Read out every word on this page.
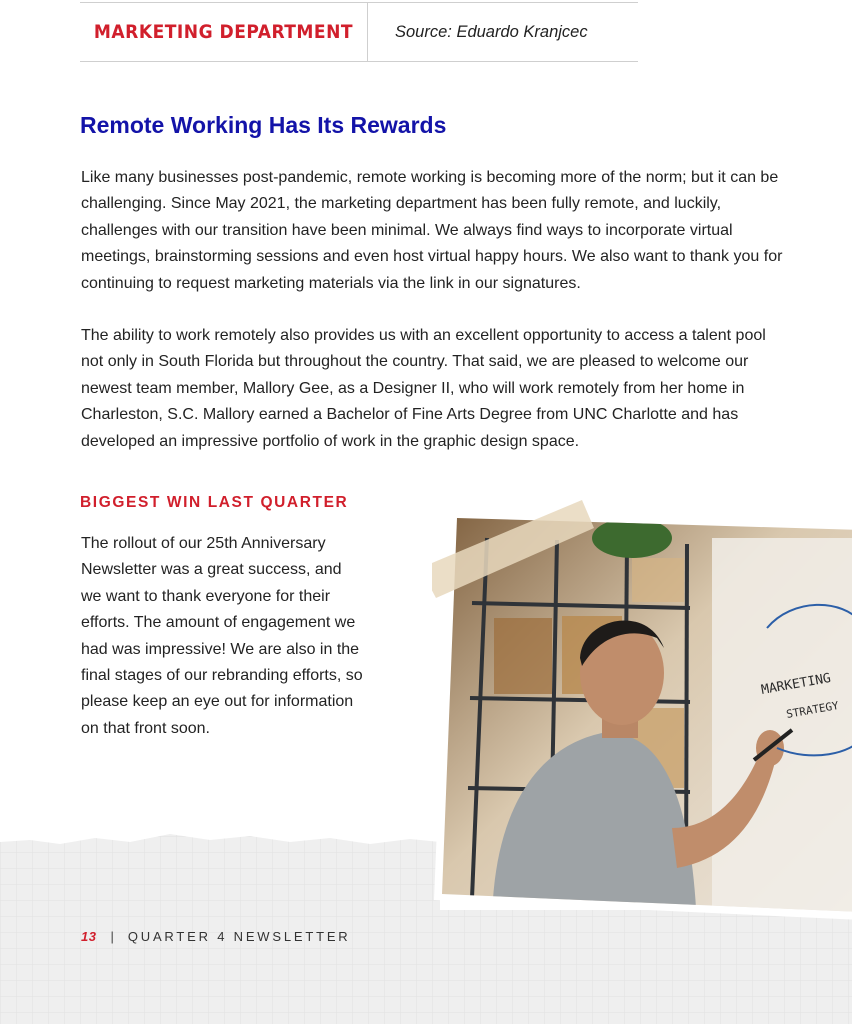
MARKETING DEPARTMENT	Source: Eduardo Kranjcec
Remote Working Has Its Rewards

Like many businesses post-pandemic, remote working is becoming more of the norm; but it can be challenging. Since May 2021, the marketing department has been fully remote, and luckily, challenges with our transition have been minimal. We always find ways to incorporate virtual meetings, brainstorming sessions and even host virtual happy hours. We also want to thank you for continuing to request marketing materials via the link in our signatures.

The ability to work remotely also provides us with an excellent opportunity to access a talent pool not only in South Florida but throughout the country. That said, we are pleased to welcome our newest team member, Mallory Gee, as a Designer II, who will work remotely from her home in Charleston, S.C. Mallory earned a Bachelor of Fine Arts Degree from UNC Charlotte and has developed an impressive portfolio of work in the graphic design space.

BIGGEST WIN LAST QUARTER

The rollout of our 25th Anniversary Newsletter was a great success, and we want to thank everyone for their efforts. The amount of engagement we had was impressive! We are also in the final stages of our rebranding efforts, so please keep an eye out for information on that front soon.

MARKETING
STRATEGY
13 | QUARTER 4 NEWSLETTER
